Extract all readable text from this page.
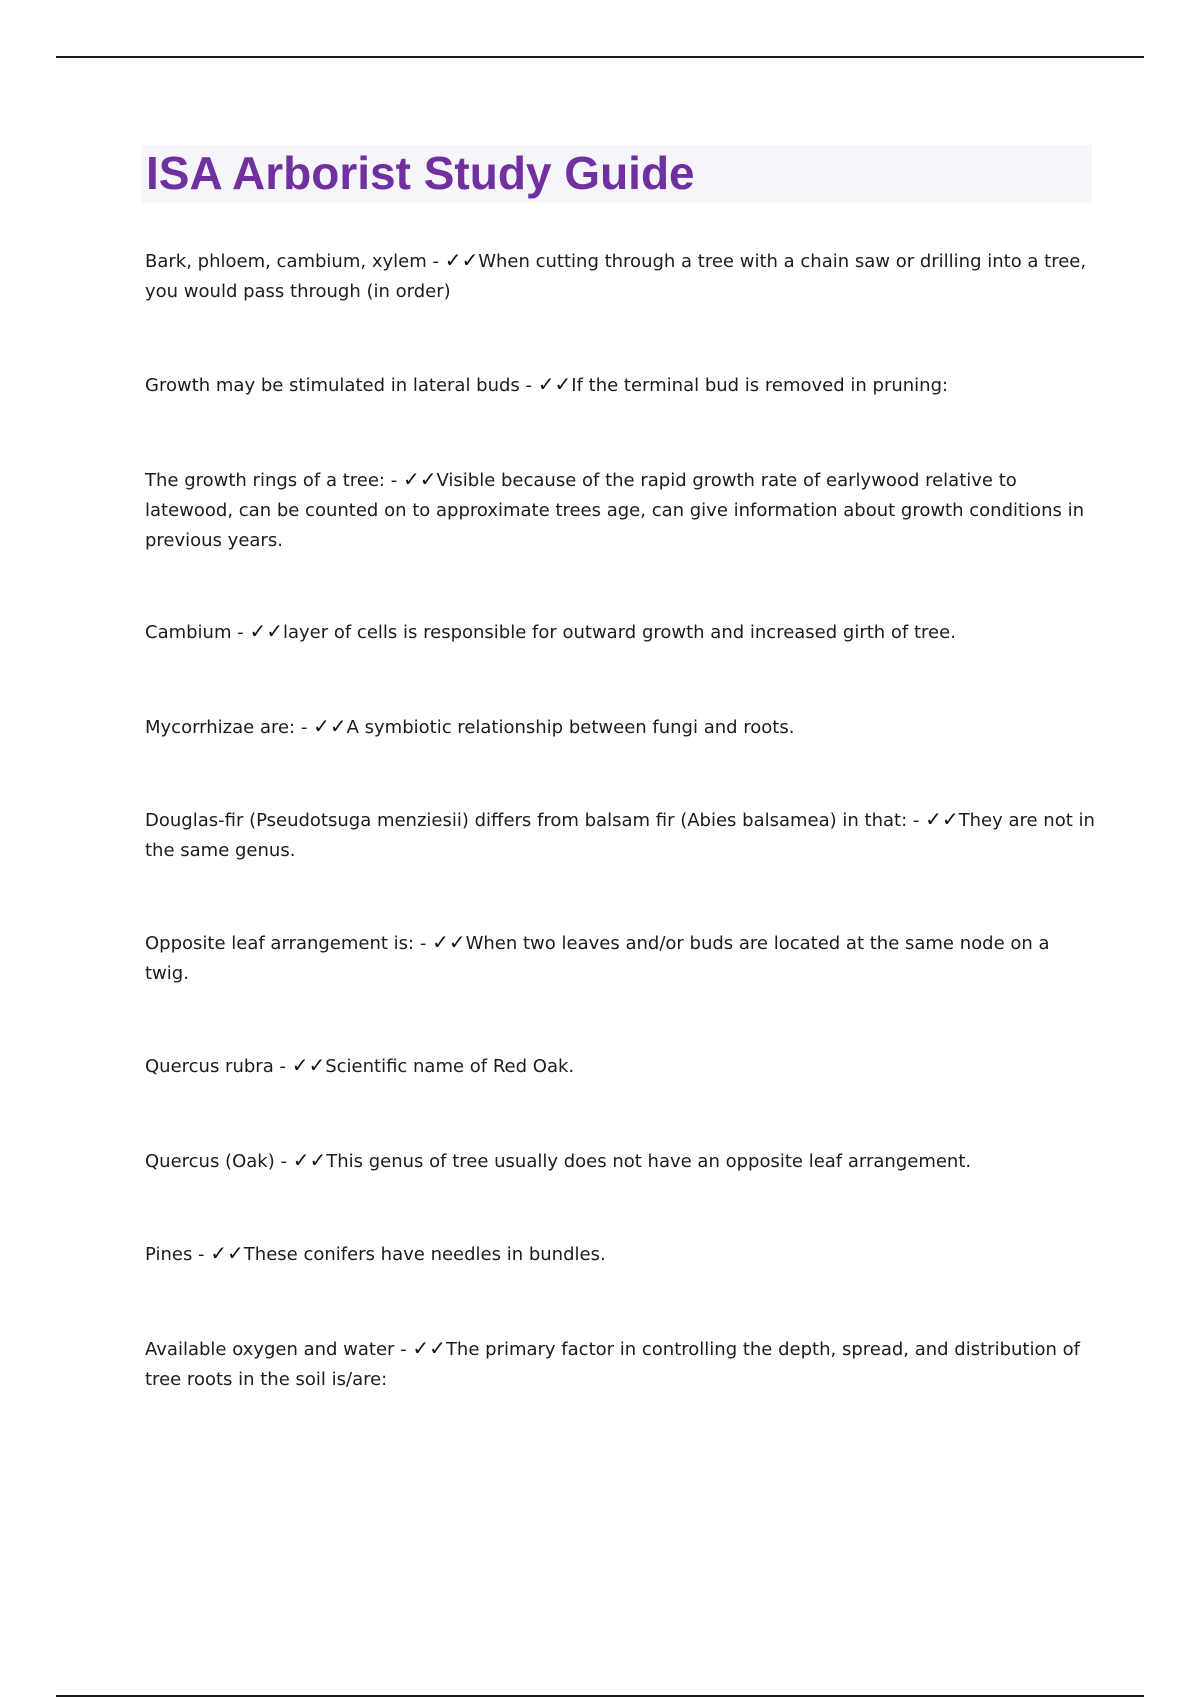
ISA Arborist Study Guide

Bark, phloem, cambium, xylem - ✓✓When cutting through a tree with a chain saw or drilling into a tree, you would pass through (in order)

Growth may be stimulated in lateral buds - ✓✓If the terminal bud is removed in pruning:

The growth rings of a tree: - ✓✓Visible because of the rapid growth rate of earlywood relative to latewood, can be counted on to approximate trees age, can give information about growth conditions in previous years.

Cambium - ✓✓layer of cells is responsible for outward growth and increased girth of tree.

Mycorrhizae are: - ✓✓A symbiotic relationship between fungi and roots.

Douglas-fir (Pseudotsuga menziesii) differs from balsam fir (Abies balsamea) in that: - ✓✓They are not in the same genus.

Opposite leaf arrangement is: - ✓✓When two leaves and/or buds are located at the same node on a twig.

Quercus rubra - ✓✓Scientific name of Red Oak.

Quercus (Oak) - ✓✓This genus of tree usually does not have an opposite leaf arrangement.

Pines - ✓✓These conifers have needles in bundles.

Available oxygen and water - ✓✓The primary factor in controlling the depth, spread, and distribution of tree roots in the soil is/are:
